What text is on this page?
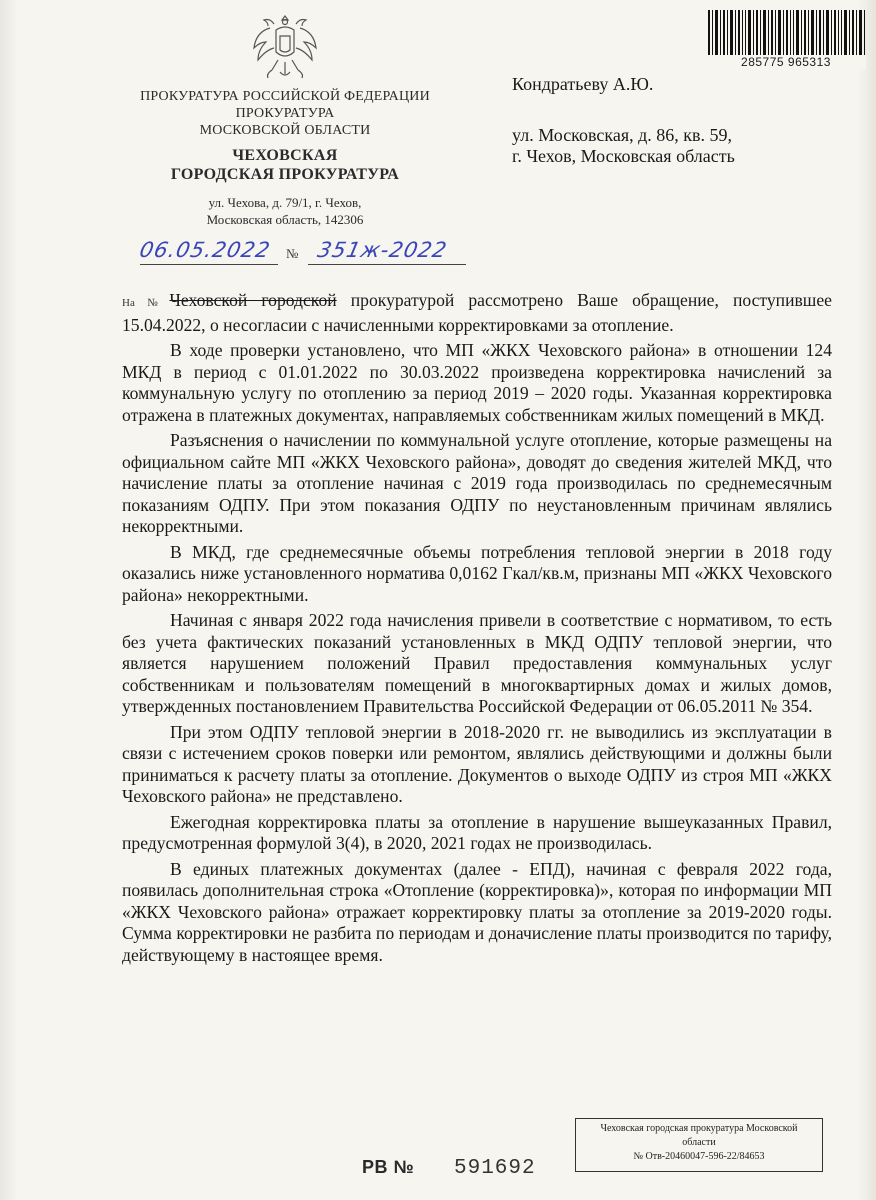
ПРОКУРАТУРА РОССИЙСКОЙ ФЕДЕРАЦИИ
ПРОКУРАТУРА
МОСКОВСКОЙ ОБЛАСТИ
ЧЕХОВСКАЯ
ГОРОДСКАЯ ПРОКУРАТУРА
ул. Чехова, д. 79/1, г. Чехов,
Московская область, 142306
285775 965313
Кондратьеву А.Ю.
ул. Московская, д. 86, кв. 59,
г. Чехов, Московская область
06.05.2022 № 351ж-2022

На № Чеховской городской прокуратурой рассмотрено Ваше обращение, поступившее 15.04.2022, о несогласии с начисленными корректировками за отопление.

В ходе проверки установлено, что МП «ЖКХ Чеховского района» в отношении 124 МКД в период с 01.01.2022 по 30.03.2022 произведена корректировка начислений за коммунальную услугу по отоплению за период 2019 – 2020 годы. Указанная корректировка отражена в платежных документах, направляемых собственникам жилых помещений в МКД.

Разъяснения о начислении по коммунальной услуге отопление, которые размещены на официальном сайте МП «ЖКХ Чеховского района», доводят до сведения жителей МКД, что начисление платы за отопление начиная с 2019 года производилась по среднемесячным показаниям ОДПУ. При этом показания ОДПУ по неустановленным причинам являлись некорректными.

В МКД, где среднемесячные объемы потребления тепловой энергии в 2018 году оказались ниже установленного норматива 0,0162 Гкал/кв.м, признаны МП «ЖКХ Чеховского района» некорректными.

Начиная с января 2022 года начисления привели в соответствие с нормативом, то есть без учета фактических показаний установленных в МКД ОДПУ тепловой энергии, что является нарушением положений Правил предоставления коммунальных услуг собственникам и пользователям помещений в многоквартирных домах и жилых домов, утвержденных постановлением Правительства Российской Федерации от 06.05.2011 № 354.

При этом ОДПУ тепловой энергии в 2018-2020 гг. не выводились из эксплуатации в связи с истечением сроков поверки или ремонтом, являлись действующими и должны были приниматься к расчету платы за отопление. Документов о выходе ОДПУ из строя МП «ЖКХ Чеховского района» не представлено.

Ежегодная корректировка платы за отопление в нарушение вышеуказанных Правил, предусмотренная формулой 3(4), в 2020, 2021 годах не производилась.

В единых платежных документах (далее - ЕПД), начиная с февраля 2022 года, появилась дополнительная строка «Отопление (корректировка)», которая по информации МП «ЖКХ Чеховского района» отражает корректировку платы за отопление за 2019-2020 годы. Сумма корректировки не разбита по периодам и доначисление платы производится по тарифу, действующему в настоящее время.

РВ № 591692
Чеховская городская прокуратура Московской
области
№ Отв-20460047-596-22/84653
